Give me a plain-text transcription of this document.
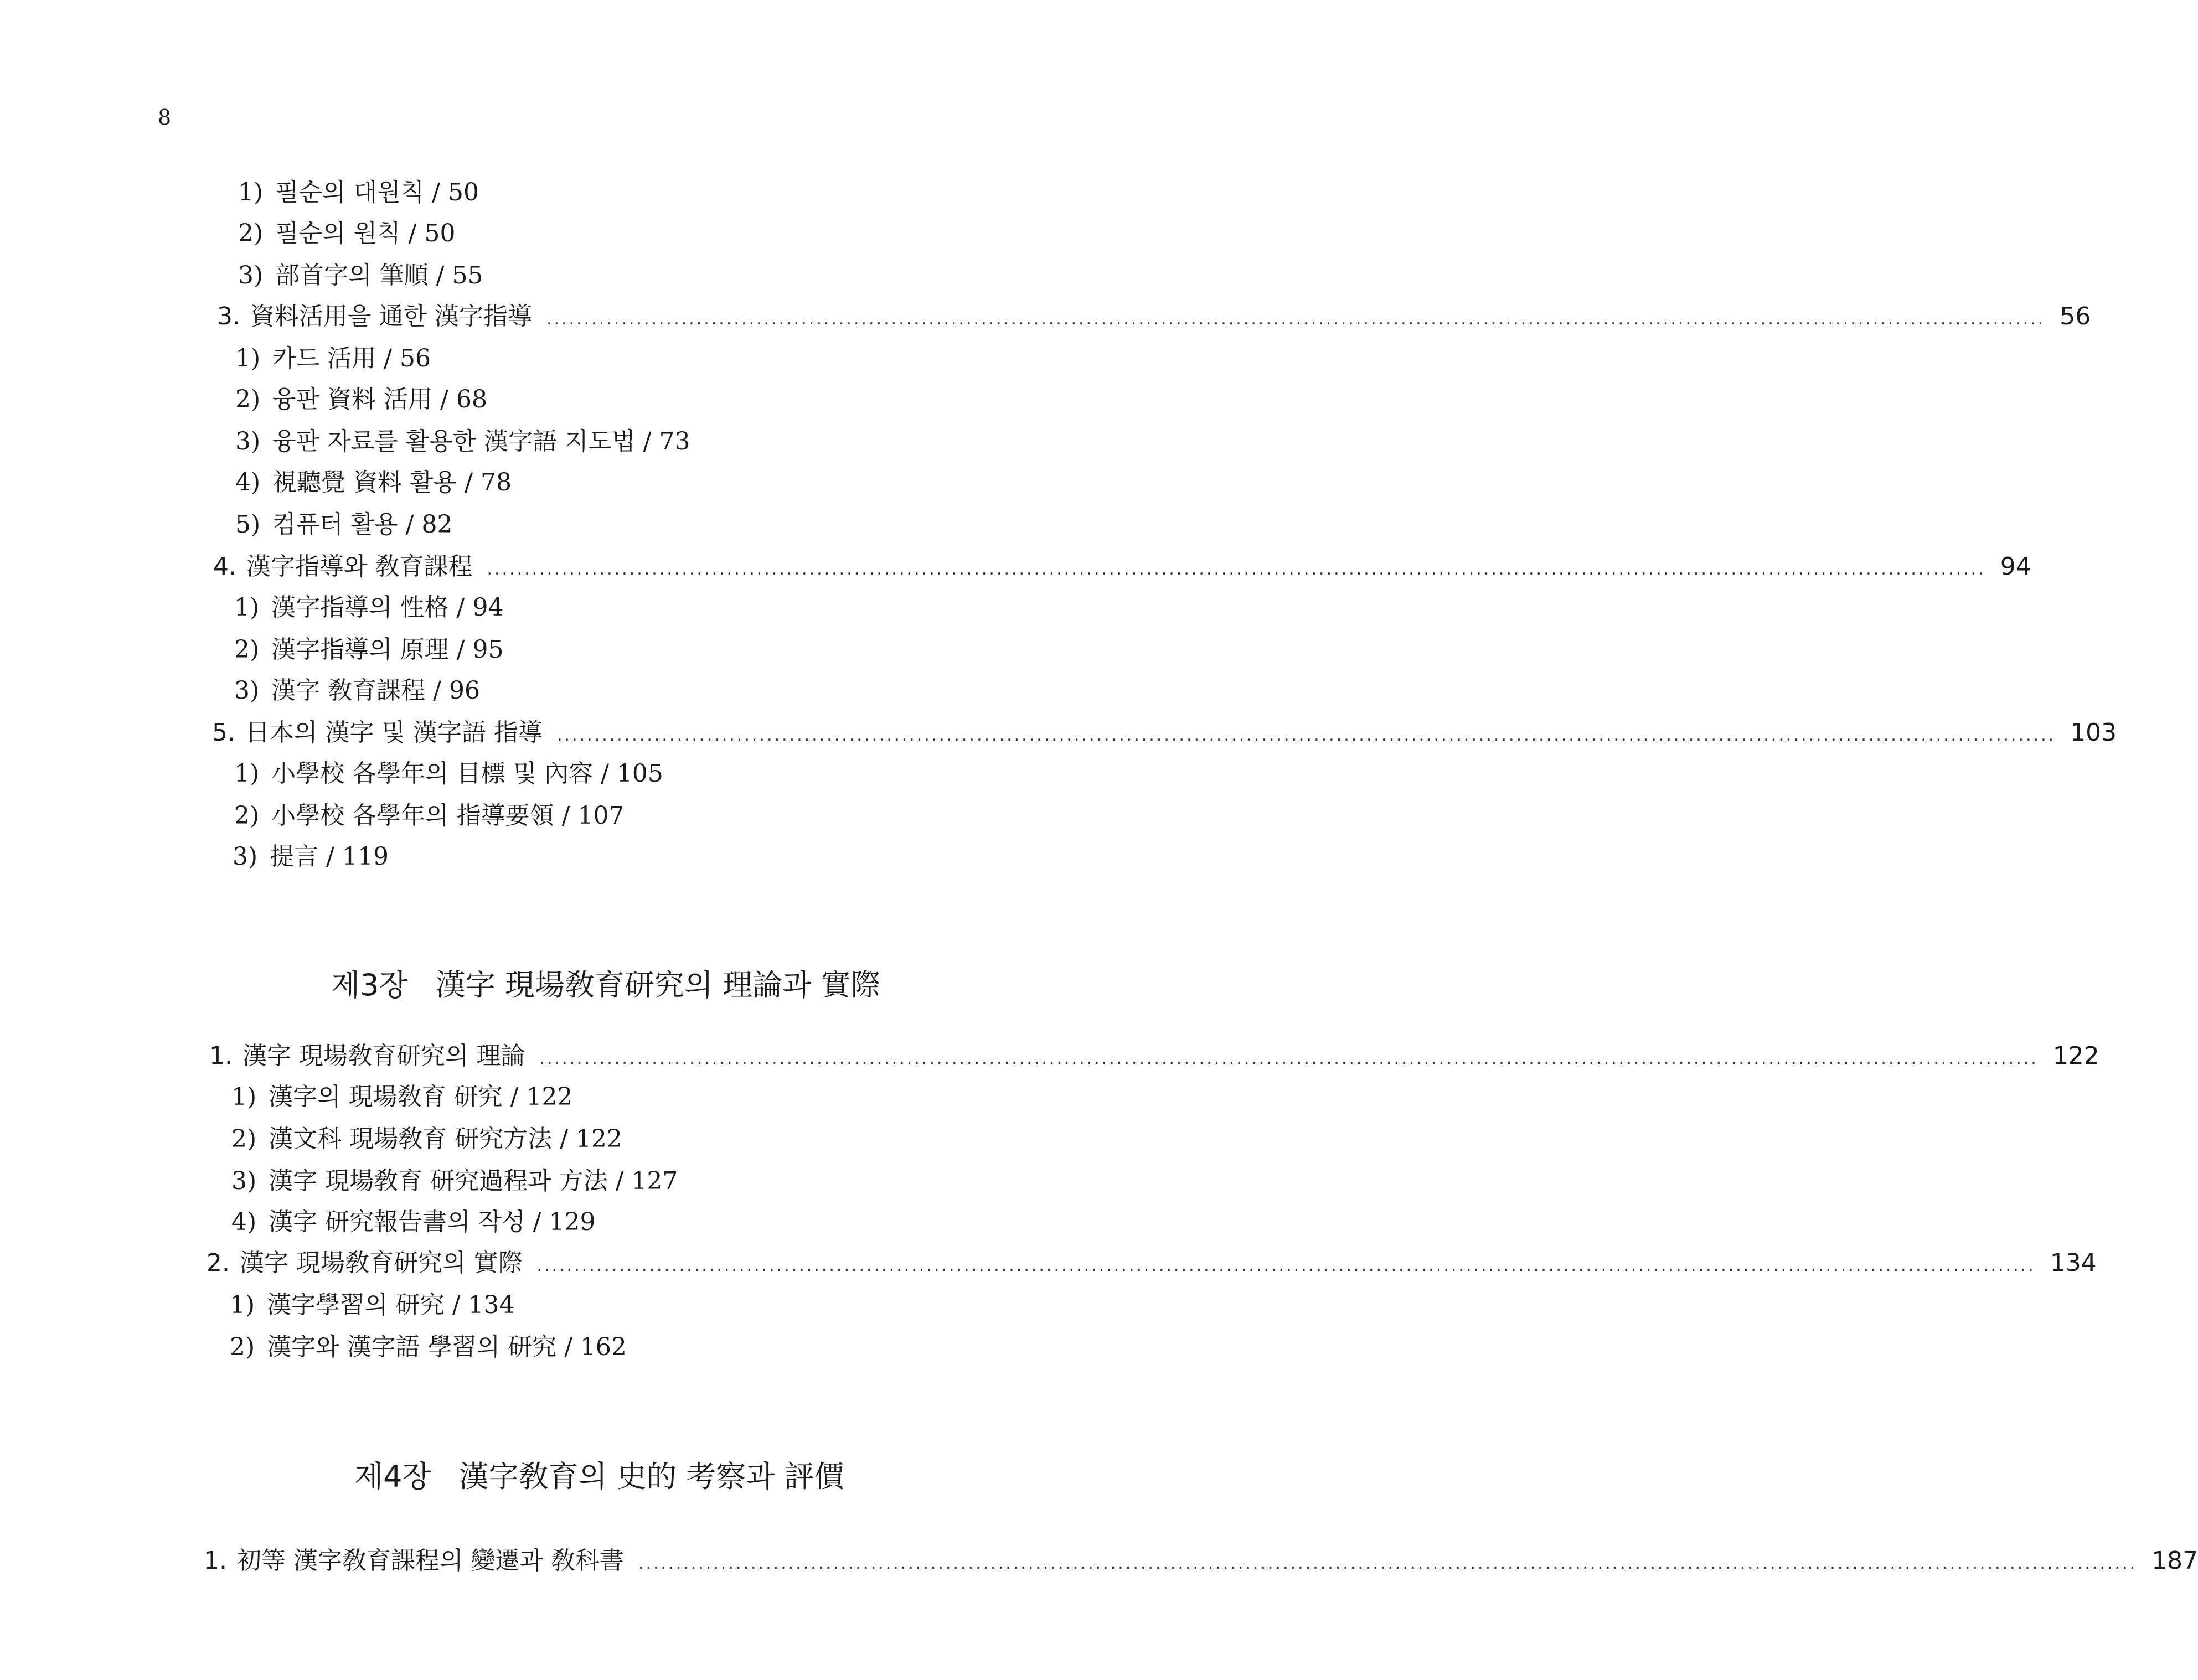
8
1) 필순의 대원칙 / 50
2) 필순의 원칙 / 50
3) 部首字의 筆順 / 55
3. 資料活用을 通한 漢字指導 ........................................................................................................................................................................................................ 56
1) 카드 活用 / 56
2) 융판 資料 活用 / 68
3) 융판 자료를 활용한 漢字語 지도법 / 73
4) 視聽覺 資料 활용 / 78
5) 컴퓨터 활용 / 82
4. 漢字指導와 敎育課程 ........................................................................................................................................................................................................ 94
1) 漢字指導의 性格 / 94
2) 漢字指導의 原理 / 95
3) 漢字 敎育課程 / 96
5. 日本의 漢字 및 漢字語 指導 ........................................................................................................................................................................................................ 103
1) 小學校 各學年의 目標 및 內容 / 105
2) 小學校 各學年의 指導要領 / 107
3) 提言 / 119
제3장 漢字 現場敎育研究의 理論과 實際
1. 漢字 現場敎育研究의 理論 ........................................................................................................................................................................................................ 122
1) 漢字의 現場敎育 研究 / 122
2) 漢文科 現場敎育 研究方法 / 122
3) 漢字 現場敎育 研究過程과 方法 / 127
4) 漢字 研究報告書의 작성 / 129
2. 漢字 現場敎育研究의 實際 ........................................................................................................................................................................................................ 134
1) 漢字學習의 研究 / 134
2) 漢字와 漢字語 學習의 研究 / 162
제4장 漢字敎育의 史的 考察과 評價
1. 初等 漢字敎育課程의 變遷과 敎科書 ........................................................................................................................................................................................................ 187
